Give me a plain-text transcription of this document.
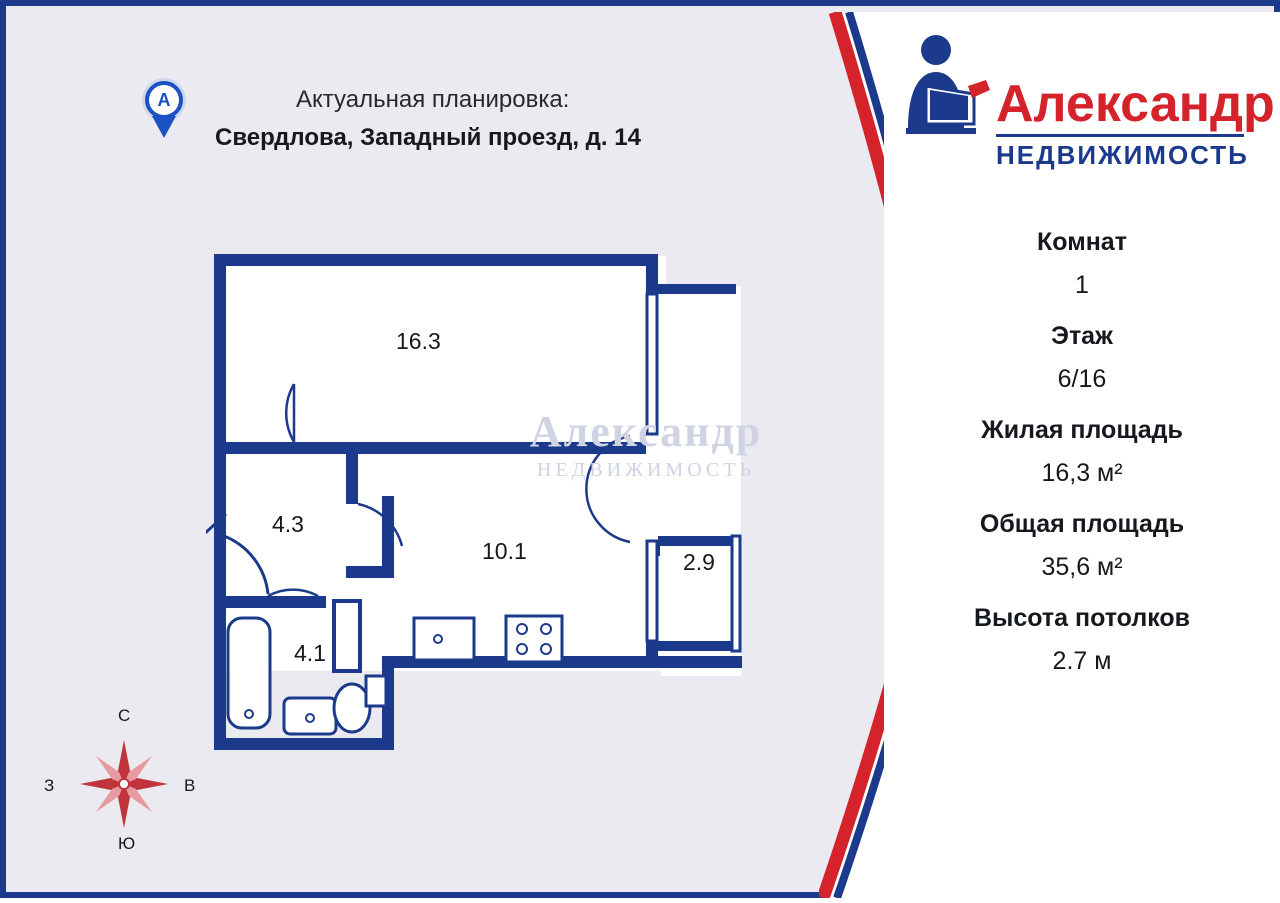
A	Актуальная планировка:
Свердлова, Западный проезд, д. 14
Александр
НЕДВИЖИМОСТЬ
Комнат
1
Этаж
6/16
Жилая площадь
16,3 м²
Общая площадь
35,6 м²
Высота потолков
2.7 м
16.3
4.3
10.1	2.9
4.1
Александр
НЕДВИЖИМОСТЬ
С
Ю
З	В
